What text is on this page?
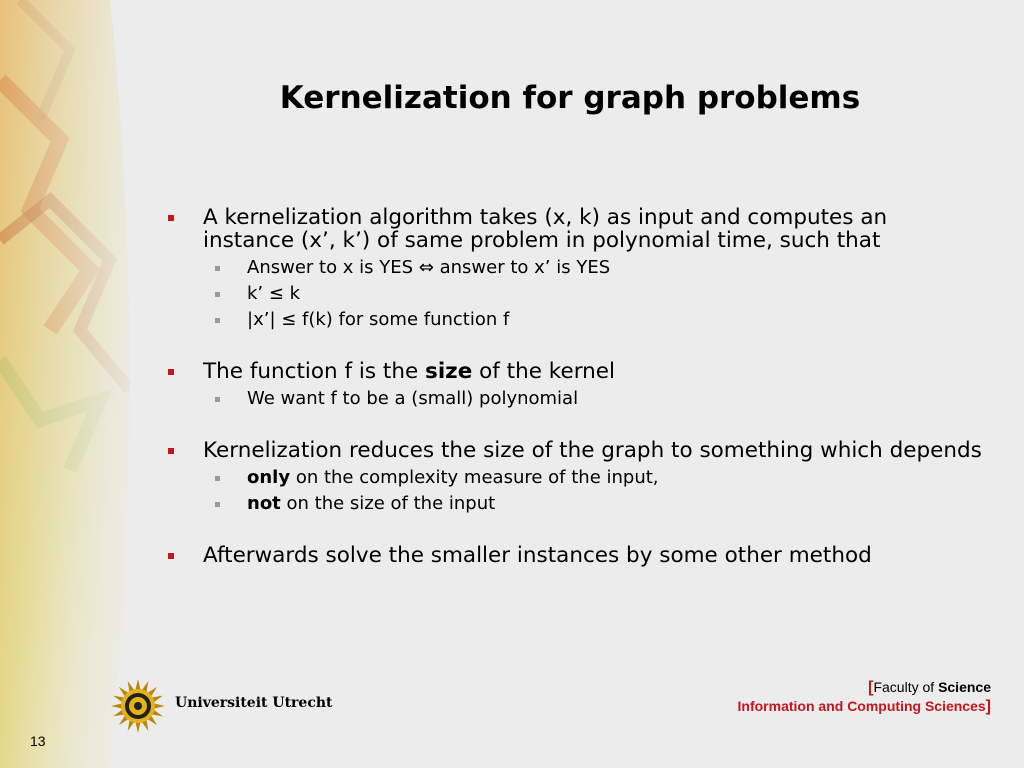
Kernelization for graph problems
A kernelization algorithm takes (x, k) as input and computes an instance (x’, k’) of same problem in polynomial time, such that
Answer to x is YES ⇔ answer to x’ is YES
k’ ≤ k
|x’| ≤ f(k) for some function f
The function f is the size of the kernel
We want f to be a (small) polynomial
Kernelization reduces the size of the graph to something which depends
only on the complexity measure of the input,
not on the size of the input
Afterwards solve the smaller instances by some other method
Universiteit Utrecht
[Faculty of Science
Information and Computing Sciences]
13
